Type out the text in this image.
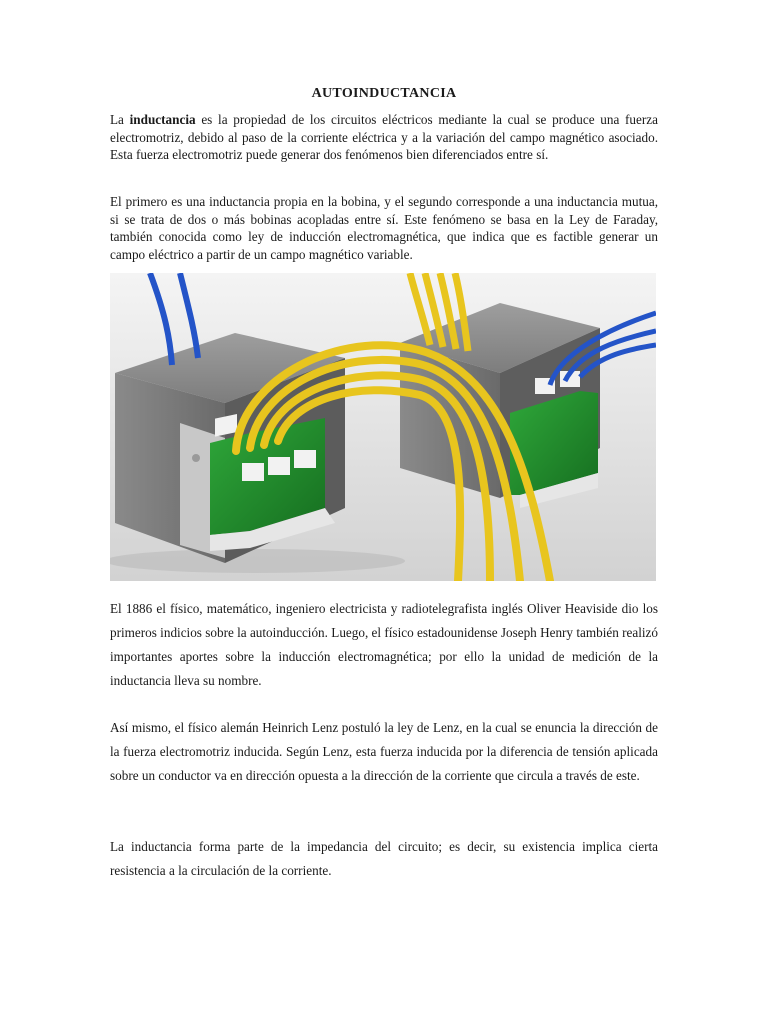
AUTOINDUCTANCIA

La inductancia es la propiedad de los circuitos eléctricos mediante la cual se produce una fuerza electromotriz, debido al paso de la corriente eléctrica y a la variación del campo magnético asociado. Esta fuerza electromotriz puede generar dos fenómenos bien diferenciados entre sí.

El primero es una inductancia propia en la bobina, y el segundo corresponde a una inductancia mutua, si se trata de dos o más bobinas acopladas entre sí. Este fenómeno se basa en la Ley de Faraday, también conocida como ley de inducción electromagnética, que indica que es factible generar un campo eléctrico a partir de un campo magnético variable.

El 1886 el físico, matemático, ingeniero electricista y radiotelegrafista inglés Oliver Heaviside dio los primeros indicios sobre la autoinducción. Luego, el físico estadounidense Joseph Henry también realizó importantes aportes sobre la inducción electromagnética; por ello la unidad de medición de la inductancia lleva su nombre.

Así mismo, el físico alemán Heinrich Lenz postuló la ley de Lenz, en la cual se enuncia la dirección de la fuerza electromotriz inducida. Según Lenz, esta fuerza inducida por la diferencia de tensión aplicada sobre un conductor va en dirección opuesta a la dirección de la corriente que circula a través de este.

La inductancia forma parte de la impedancia del circuito; es decir, su existencia implica cierta resistencia a la circulación de la corriente.
